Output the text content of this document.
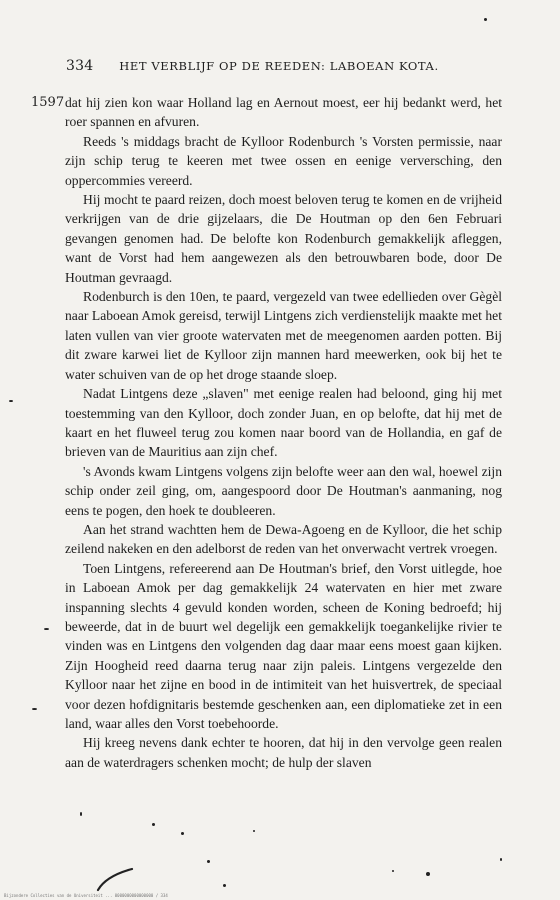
334 HET VERBLIJF OP DE REEDEN: LABOEAN KOTA.
1597 dat hij zien kon waar Holland lag en Aernout moest, eer hij bedankt werd, het roer spannen en afvuren.

Reeds 's middags bracht de Kylloor Rodenburch 's Vorsten permissie, naar zijn schip terug te keeren met twee ossen en eenige verversching, den oppercommies vereerd.

Hij mocht te paard reizen, doch moest beloven terug te komen en de vrijheid verkrijgen van de drie gijzelaars, die De Houtman op den 6en Februari gevangen genomen had. De belofte kon Rodenburch gemakkelijk afleggen, want de Vorst had hem aangewezen als den betrouwbaren bode, door De Houtman gevraagd.

Rodenburch is den 10en, te paard, vergezeld van twee edellieden over Gègèl naar Laboean Amok gereisd, terwijl Lintgens zich verdienstelijk maakte met het laten vullen van vier groote watervaten met de meegenomen aarden potten. Bij dit zware karwei liet de Kylloor zijn mannen hard meewerken, ook bij het te water schuiven van de op het droge staande sloep.

Nadat Lintgens deze „slaven" met eenige realen had beloond, ging hij met toestemming van den Kylloor, doch zonder Juan, en op belofte, dat hij met de kaart en het fluweel terug zou komen naar boord van de Hollandia, en gaf de brieven van de Mauritius aan zijn chef.

's Avonds kwam Lintgens volgens zijn belofte weer aan den wal, hoewel zijn schip onder zeil ging, om, aangespoord door De Houtman's aanmaning, nog eens te pogen, den hoek te doubleeren.

Aan het strand wachtten hem de Dewa-Agoeng en de Kylloor, die het schip zeilend nakeken en den adelborst de reden van het onverwacht vertrek vroegen.

Toen Lintgens, refereerend aan De Houtman's brief, den Vorst uitlegde, hoe in Laboean Amok per dag gemakkelijk 24 watervaten en hier met zware inspanning slechts 4 gevuld konden worden, scheen de Koning bedroefd; hij beweerde, dat in de buurt wel degelijk een gemakkelijk toegankelijke rivier te vinden was en Lintgens den volgenden dag daar maar eens moest gaan kijken. Zijn Hoogheid reed daarna terug naar zijn paleis. Lintgens vergezelde den Kylloor naar het zijne en bood in de intimiteit van het huisvertrek, de speciaal voor dezen hofdignitaris bestemde geschenken aan, een diplomatieke zet in een land, waar alles den Vorst toebehoorde.

Hij kreeg nevens dank echter te hooren, dat hij in den vervolge geen realen aan de waterdragers schenken mocht; de hulp der slaven

Bijzondere Collecties van de Universiteit ... 0000000000000000 / 334
